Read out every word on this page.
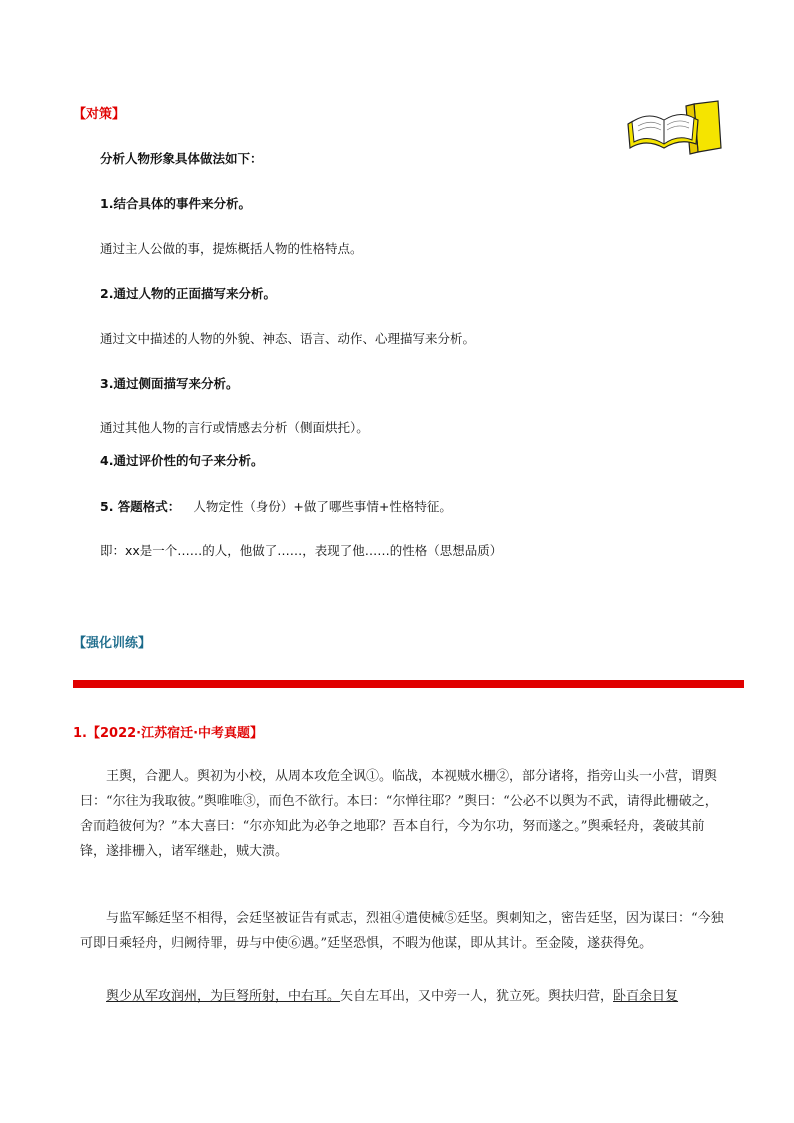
【对策】
分析人物形象具体做法如下：
1.结合具体的事件来分析。
通过主人公做的事，提炼概括人物的性格特点。
2.通过人物的正面描写来分析。
通过文中描述的人物的外貌、神态、语言、动作、心理描写来分析。
3.通过侧面描写来分析。
通过其他人物的言行或情感去分析（侧面烘托）。
4.通过评价性的句子来分析。
5. 答题格式： 人物定性（身份）+做了哪些事情+性格特征。
即：xx是一个……的人，他做了……，表现了他……的性格（思想品质）
【强化训练】
1.【2022·江苏宿迁·中考真题】

王舆，合淝人。舆初为小校，从周本攻危全讽①。临战，本视贼水栅②，部分诸将，指旁山头一小营，谓舆曰：“尔往为我取彼。”舆唯唯③，而色不欲行。本曰：“尔惮往耶？”舆曰：“公必不以舆为不武，请得此栅破之，舍而趋彼何为？”本大喜曰：“尔亦知此为必争之地耶？吾本自行，今为尔功，努而遂之。”舆乘轻舟，袭破其前锋，遂排栅入，诸军继赴，贼大溃。

与监军鲧廷坚不相得，会廷坚被证告有贰志，烈祖④遣使械⑤廷坚。舆刺知之，密告廷坚，因为谋曰：“今独可即日乘轻舟，归阙待罪，毋与中使⑥遇。”廷坚恐惧，不暇为他谋，即从其计。至金陵，遂获得免。

舆少从军攻润州，为巨弩所射，中右耳。矢自左耳出，又中旁一人，犹立死。舆扶归营，卧百余日复
